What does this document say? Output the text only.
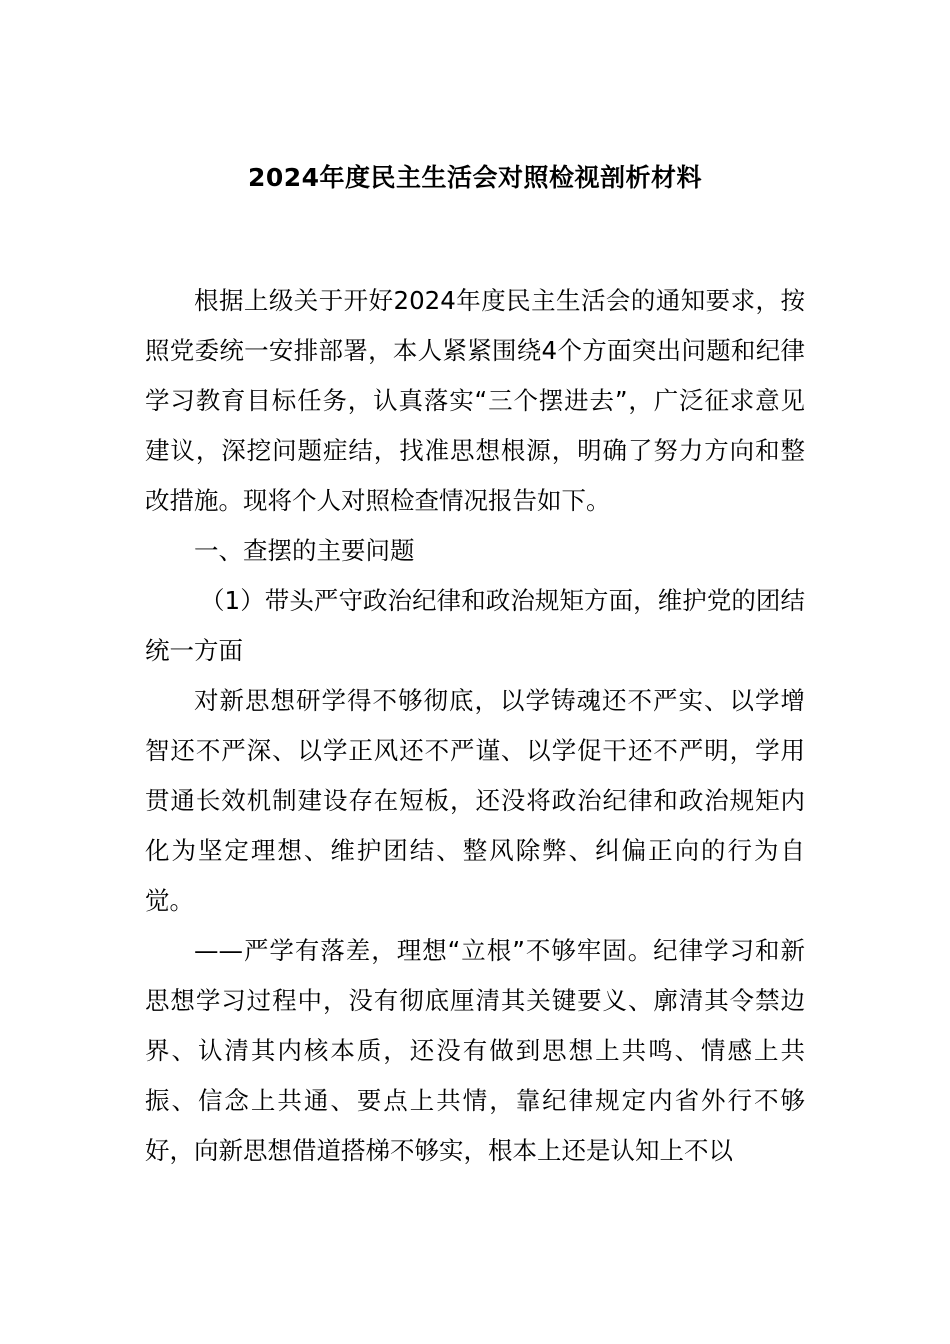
2024年度民主生活会对照检视剖析材料

根据上级关于开好2024年度民主生活会的通知要求，按照党委统一安排部署，本人紧紧围绕4个方面突出问题和纪律学习教育目标任务，认真落实“三个摆进去”，广泛征求意见建议，深挖问题症结，找准思想根源，明确了努力方向和整改措施。现将个人对照检查情况报告如下。

一、查摆的主要问题

（1）带头严守政治纪律和政治规矩方面，维护党的团结统一方面

对新思想研学得不够彻底，以学铸魂还不严实、以学增智还不严深、以学正风还不严谨、以学促干还不严明，学用贯通长效机制建设存在短板，还没将政治纪律和政治规矩内化为坚定理想、维护团结、整风除弊、纠偏正向的行为自觉。

——严学有落差，理想“立根”不够牢固。纪律学习和新思想学习过程中，没有彻底厘清其关键要义、廓清其令禁边界、认清其内核本质，还没有做到思想上共鸣、情感上共振、信念上共通、要点上共情，靠纪律规定内省外行不够好，向新思想借道搭梯不够实，根本上还是认知上不以
